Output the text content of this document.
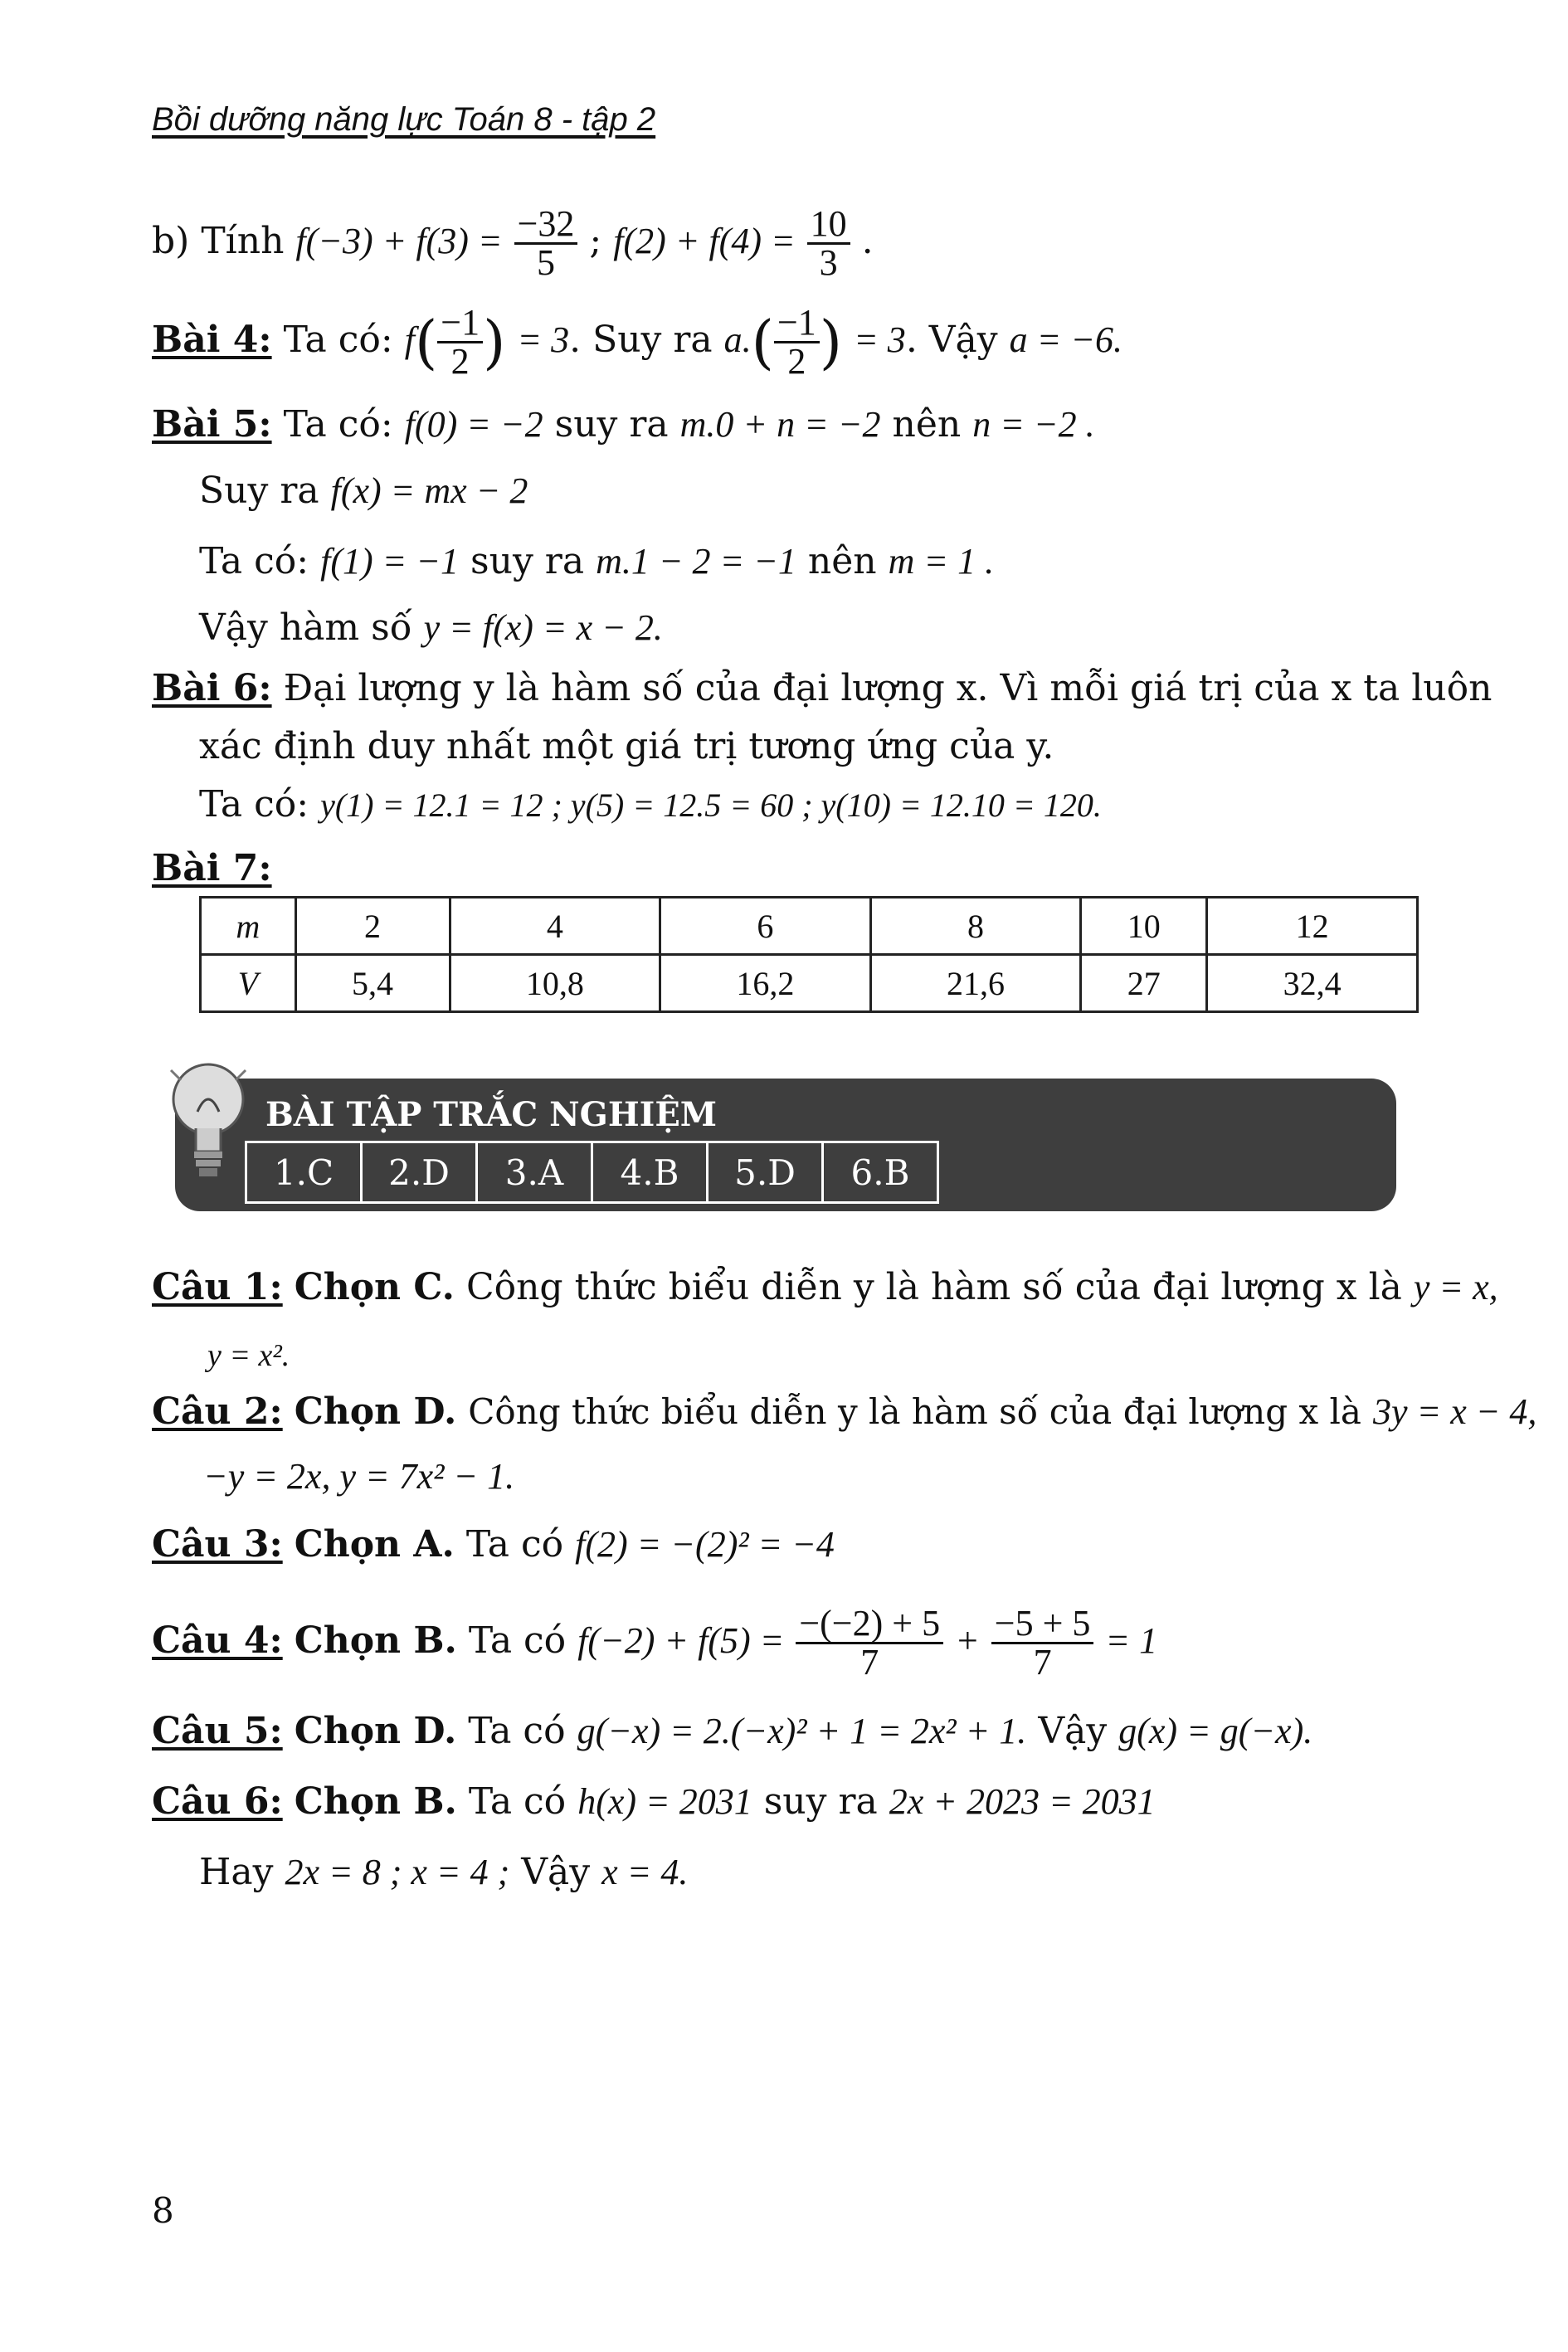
Bồi dưỡng năng lực Toán 8 - tập 2
b) Tính $f(-3) + f(3) = \frac{-32}{5}$ ; $f(2) + f(4) = \frac{10}{3}$ .
Bài 4: Ta có: $f( \frac{-1}{2}$ ) = 3. Suy ra $a.( \frac{-1}{2}$ ) = 3. Vậy a = −6.
Bài 5: Ta có: f(0) = −2 suy ra m.0 + n = −2 nên n = −2 .
Suy ra f(x) = mx − 2
Ta có: f(1) = −1 suy ra m.1 − 2 = −1 nên m = 1 .
Vậy hàm số y = f(x) = x − 2.
Bài 6: Đại lượng y là hàm số của đại lượng x. Vì mỗi giá trị của x ta luôn
xác định duy nhất một giá trị tương ứng của y.
Ta có: y(1) = 12.1 = 12 ; y(5) = 12.5 = 60 ; y(10) = 12.10 = 120.
Bài 7:
m	2	4	6	8	10	12
V	5,4	10,8	16,2	21,6	27	32,4
BÀI TẬP TRẮC NGHIỆM
1.C	2.D	3.A	4.B	5.D	6.B
Câu 1: Chọn C. Công thức biểu diễn y là hàm số của đại lượng x là y = x,
y = x².
Câu 2: Chọn D. Công thức biểu diễn y là hàm số của đại lượng x là 3y = x − 4,
−y = 2x, y = 7x² − 1.
Câu 3: Chọn A. Ta có f(2) = −(2)² = −4
Câu 4: Chọn B. Ta có $f(-2) + f(5) = \frac{-(-2) + 5}{7} + \frac{-5 + 5}{7} = 1$
Câu 5: Chọn D. Ta có g(−x) = 2.(−x)² + 1 = 2x² + 1. Vậy g(x) = g(−x).
Câu 6: Chọn B. Ta có h(x) = 2031 suy ra 2x + 2023 = 2031
Hay 2x = 8 ; x = 4 ; Vậy x = 4.
8
